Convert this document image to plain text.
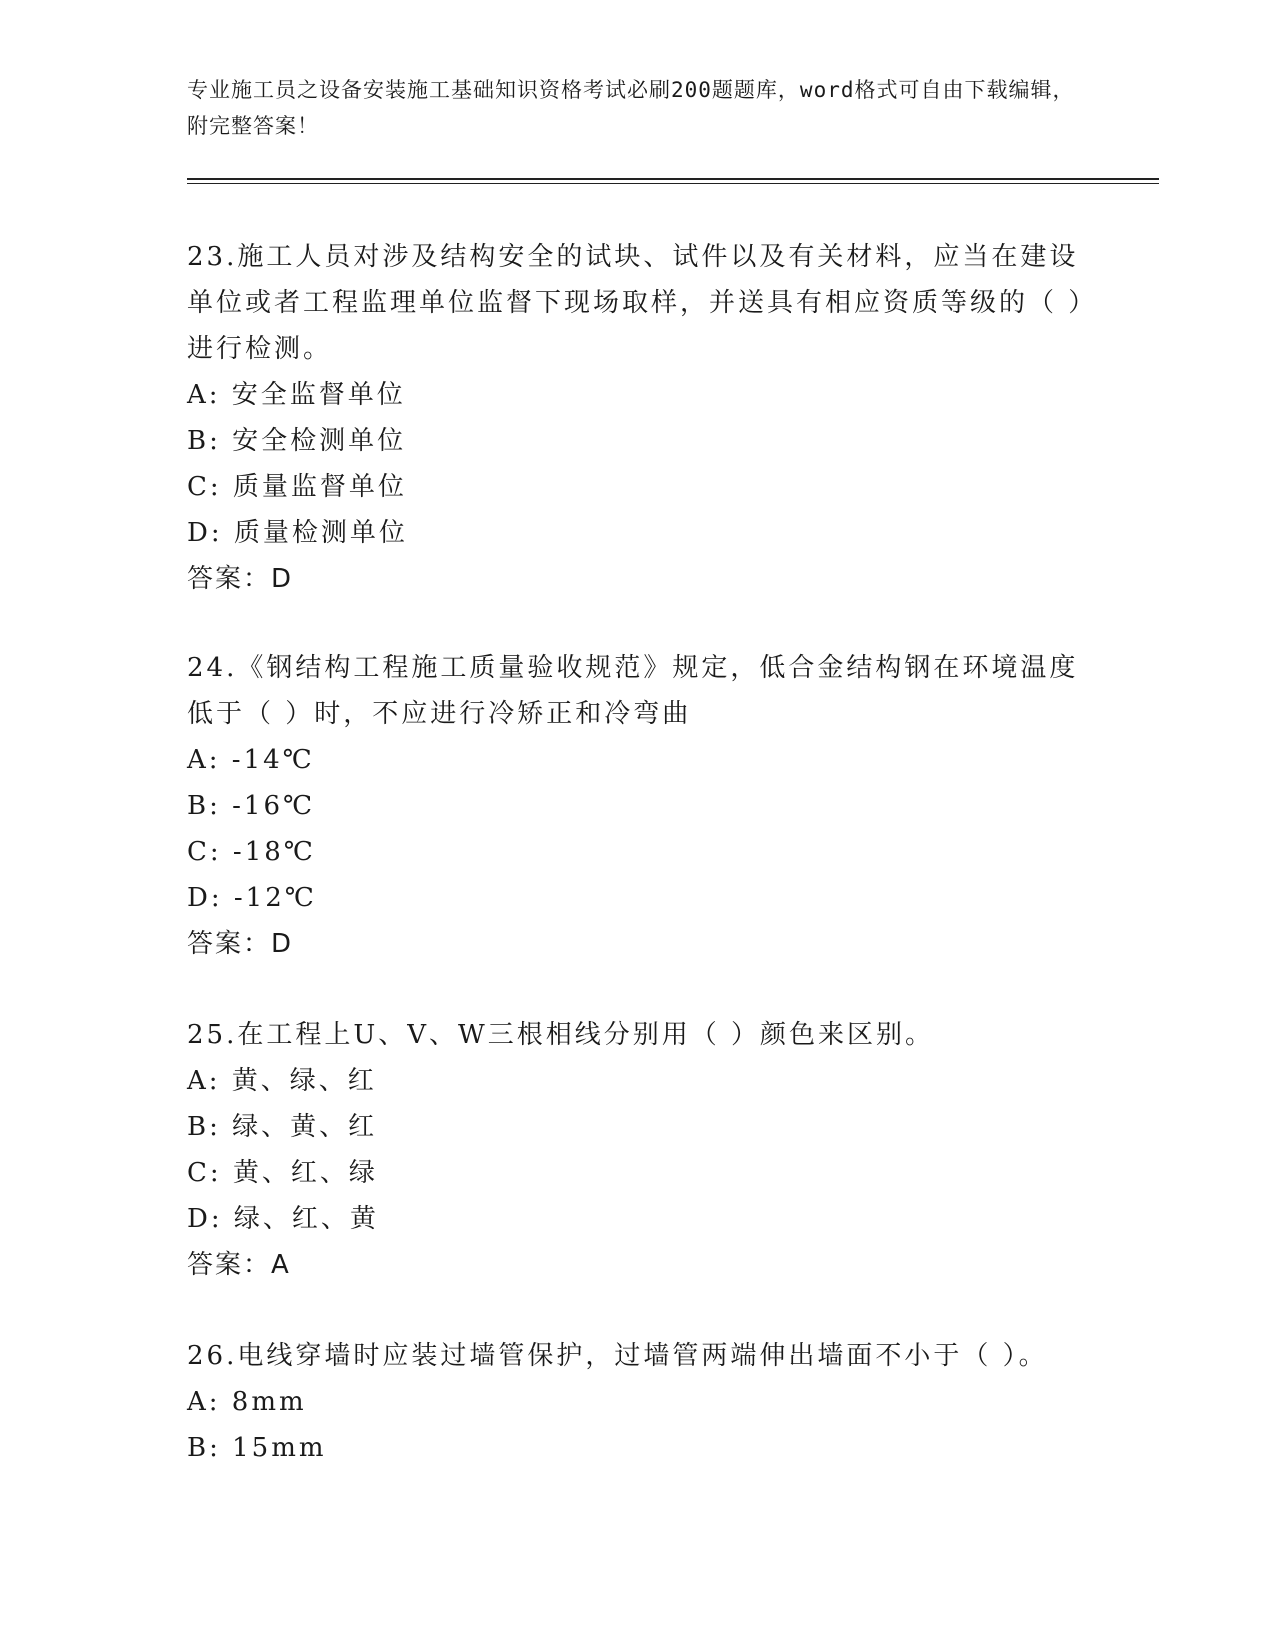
专业施工员之设备安装施工基础知识资格考试必刷200题题库，word格式可自由下载编辑，附完整答案！

23.施工人员对涉及结构安全的试块、试件以及有关材料，应当在建设单位或者工程监理单位监督下现场取样，并送具有相应资质等级的（ ）进行检测。

A: 安全监督单位
B: 安全检测单位
C: 质量监督单位
D: 质量检测单位
答案：D

24.《钢结构工程施工质量验收规范》规定，低合金结构钢在环境温度低于（ ）时，不应进行冷矫正和冷弯曲

A: -14℃
B: -16℃
C: -18℃
D: -12℃
答案：D

25.在工程上U、V、W三根相线分别用（ ）颜色来区别。

A: 黄、绿、红
B: 绿、黄、红
C: 黄、红、绿
D: 绿、红、黄
答案：A

26.电线穿墙时应装过墙管保护，过墙管两端伸出墙面不小于（ ）。

A: 8mm
B: 15mm
